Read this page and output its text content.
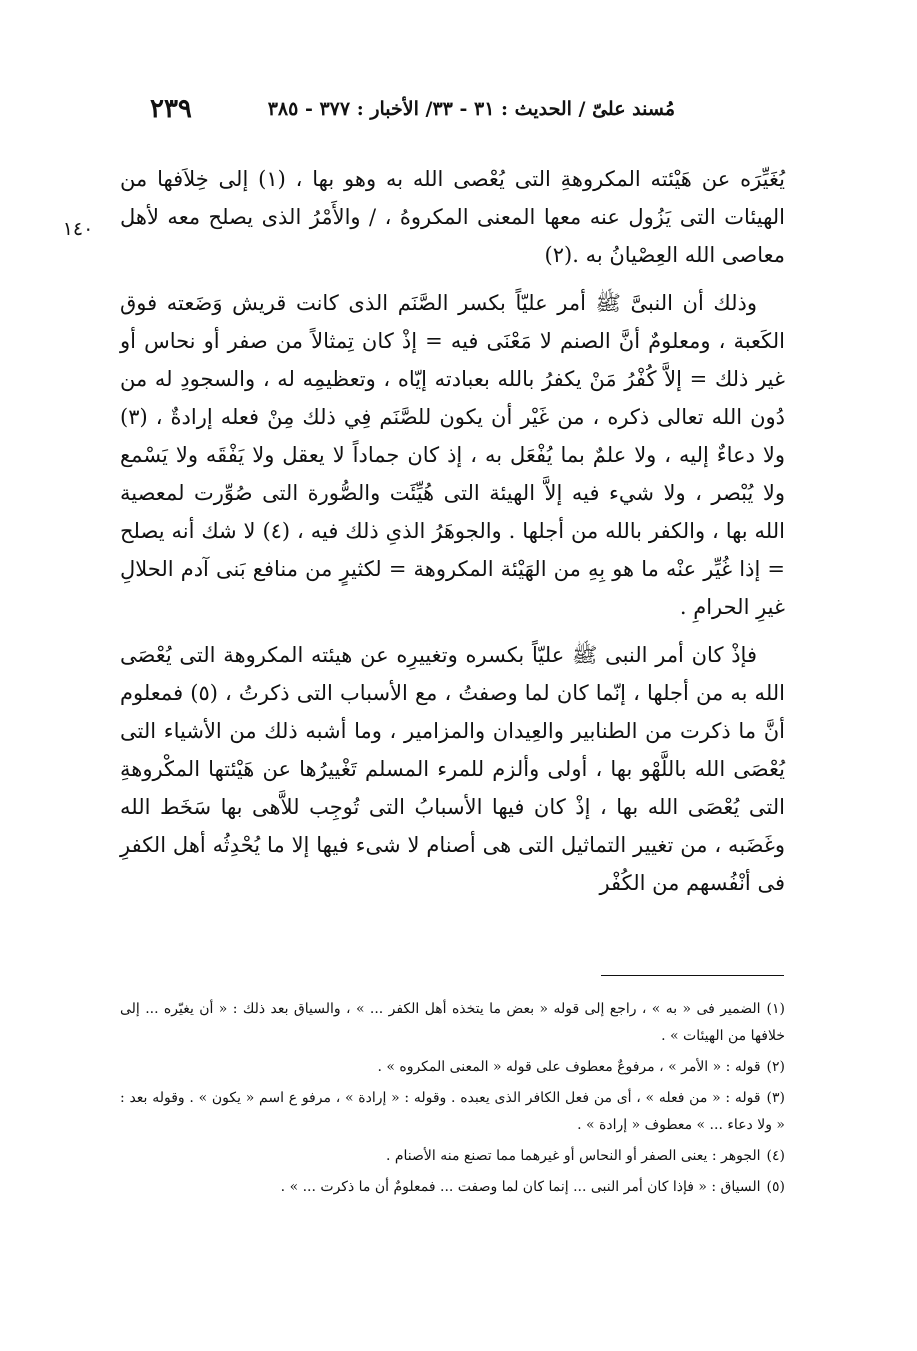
مُسند علىّ / الحديث : ٣١ - ٣٣/ الأخبار : ٣٧٧ - ٣٨٥
٢٣٩
١٤٠

يُغَيِّرَه عن هَيْئته المكروهةِ التى يُعْصى الله به وهو بها ، (١) إلى خِلاَفها من الهيئات التى يَزُول عنه معها المعنى المكروهُ ، / والأَمْرُ الذى يصلح معه لأهل معاصى الله العِصْيانُ به .(٢)

وذلك أن النبىَّ ﷺ أمر عليّاً بكسر الصَّنَم الذى كانت قريش وَضَعته فوق الكَعبة ، ومعلومٌ أنَّ الصنم لا مَعْنَى فيه = إذْ كان تِمثالاً من صفر أو نحاس أو غير ذلك = إلاَّ كُفْرُ مَنْ يكفرُ بالله بعبادته إيّاه ، وتعظيمِه له ، والسجودِ له من دُون الله تعالى ذكره ، من غَيْر أن يكون للصَّنَم فِي ذلك مِنْ فعله إرادةٌ ، (٣) ولا دعاءٌ إليه ، ولا علمٌ بما يُفْعَل به ، إذ كان جماداً لا يعقل ولا يَفْقَه ولا يَسْمع ولا يُبْصر ، ولا شيء فيه إلاَّ الهيئة التى هُيِّئَت والصُّورة التى صُوِّرت لمعصية الله بها ، والكفر بالله من أجلها . والجوهَرُ الذىِ ذلك فيه ، (٤) لا شك أنه يصلح = إذا غُيِّر عنْه ما هو بِهِ من الهَيْئة المكروهة = لكثيرٍ من منافع بَنى آدم الحلالِ غيرِ الحرامِ .

فإذْ كان أمر النبى ﷺ عليّاً بكسره وتغييرِه عن هيئته المكروهة التى يُعْصَى الله به من أجلها ، إنّما كان لما وصفتُ ، مع الأسباب التى ذكرتُ ، (٥) فمعلوم أنَّ ما ذكرت من الطنابير والعِيدان والمزامير ، وما أشبه ذلك من الأشياء التى يُعْصَى الله باللَّهْو بها ، أولى وألزم للمرء المسلم تَغْييرُها عن هَيْئتها المكْروهةِ التى يُعْصَى الله بها ، إذْ كان فيها الأسبابُ التى تُوجِب للاَّهى بها سَخَط الله وغَضَبه ، من تغيير التماثيل التى هى أصنام لا شىء فيها إلا ما يُحْدِثُه أهل الكفرِ فى أنْفُسهم من الكُفْر

(١)الضمير فى « به » ، راجع إلى قوله « بعض ما يتخذه أهل الكفر ... » ، والسياق بعد ذلك : « أن يغيّره ... إلى خلافها من الهيئات » .

(٢)قوله : « الأمر » ، مرفوعٌ معطوف على قوله « المعنى المكروه » .

(٣)قوله : « من فعله » ، أى من فعل الكافر الذى يعبده . وقوله : « إرادة » ، مرفو ع اسم « يكون » . وقوله بعد : « ولا دعاء ... » معطوف « إرادة » .

(٤)الجوهر : يعنى الصفر أو النحاس أو غيرهما مما تصنع منه الأصنام .

(٥)السياق : « فإذا كان أمر النبى ... إنما كان لما وصفت ... فمعلومٌ أن ما ذكرت ... » .
